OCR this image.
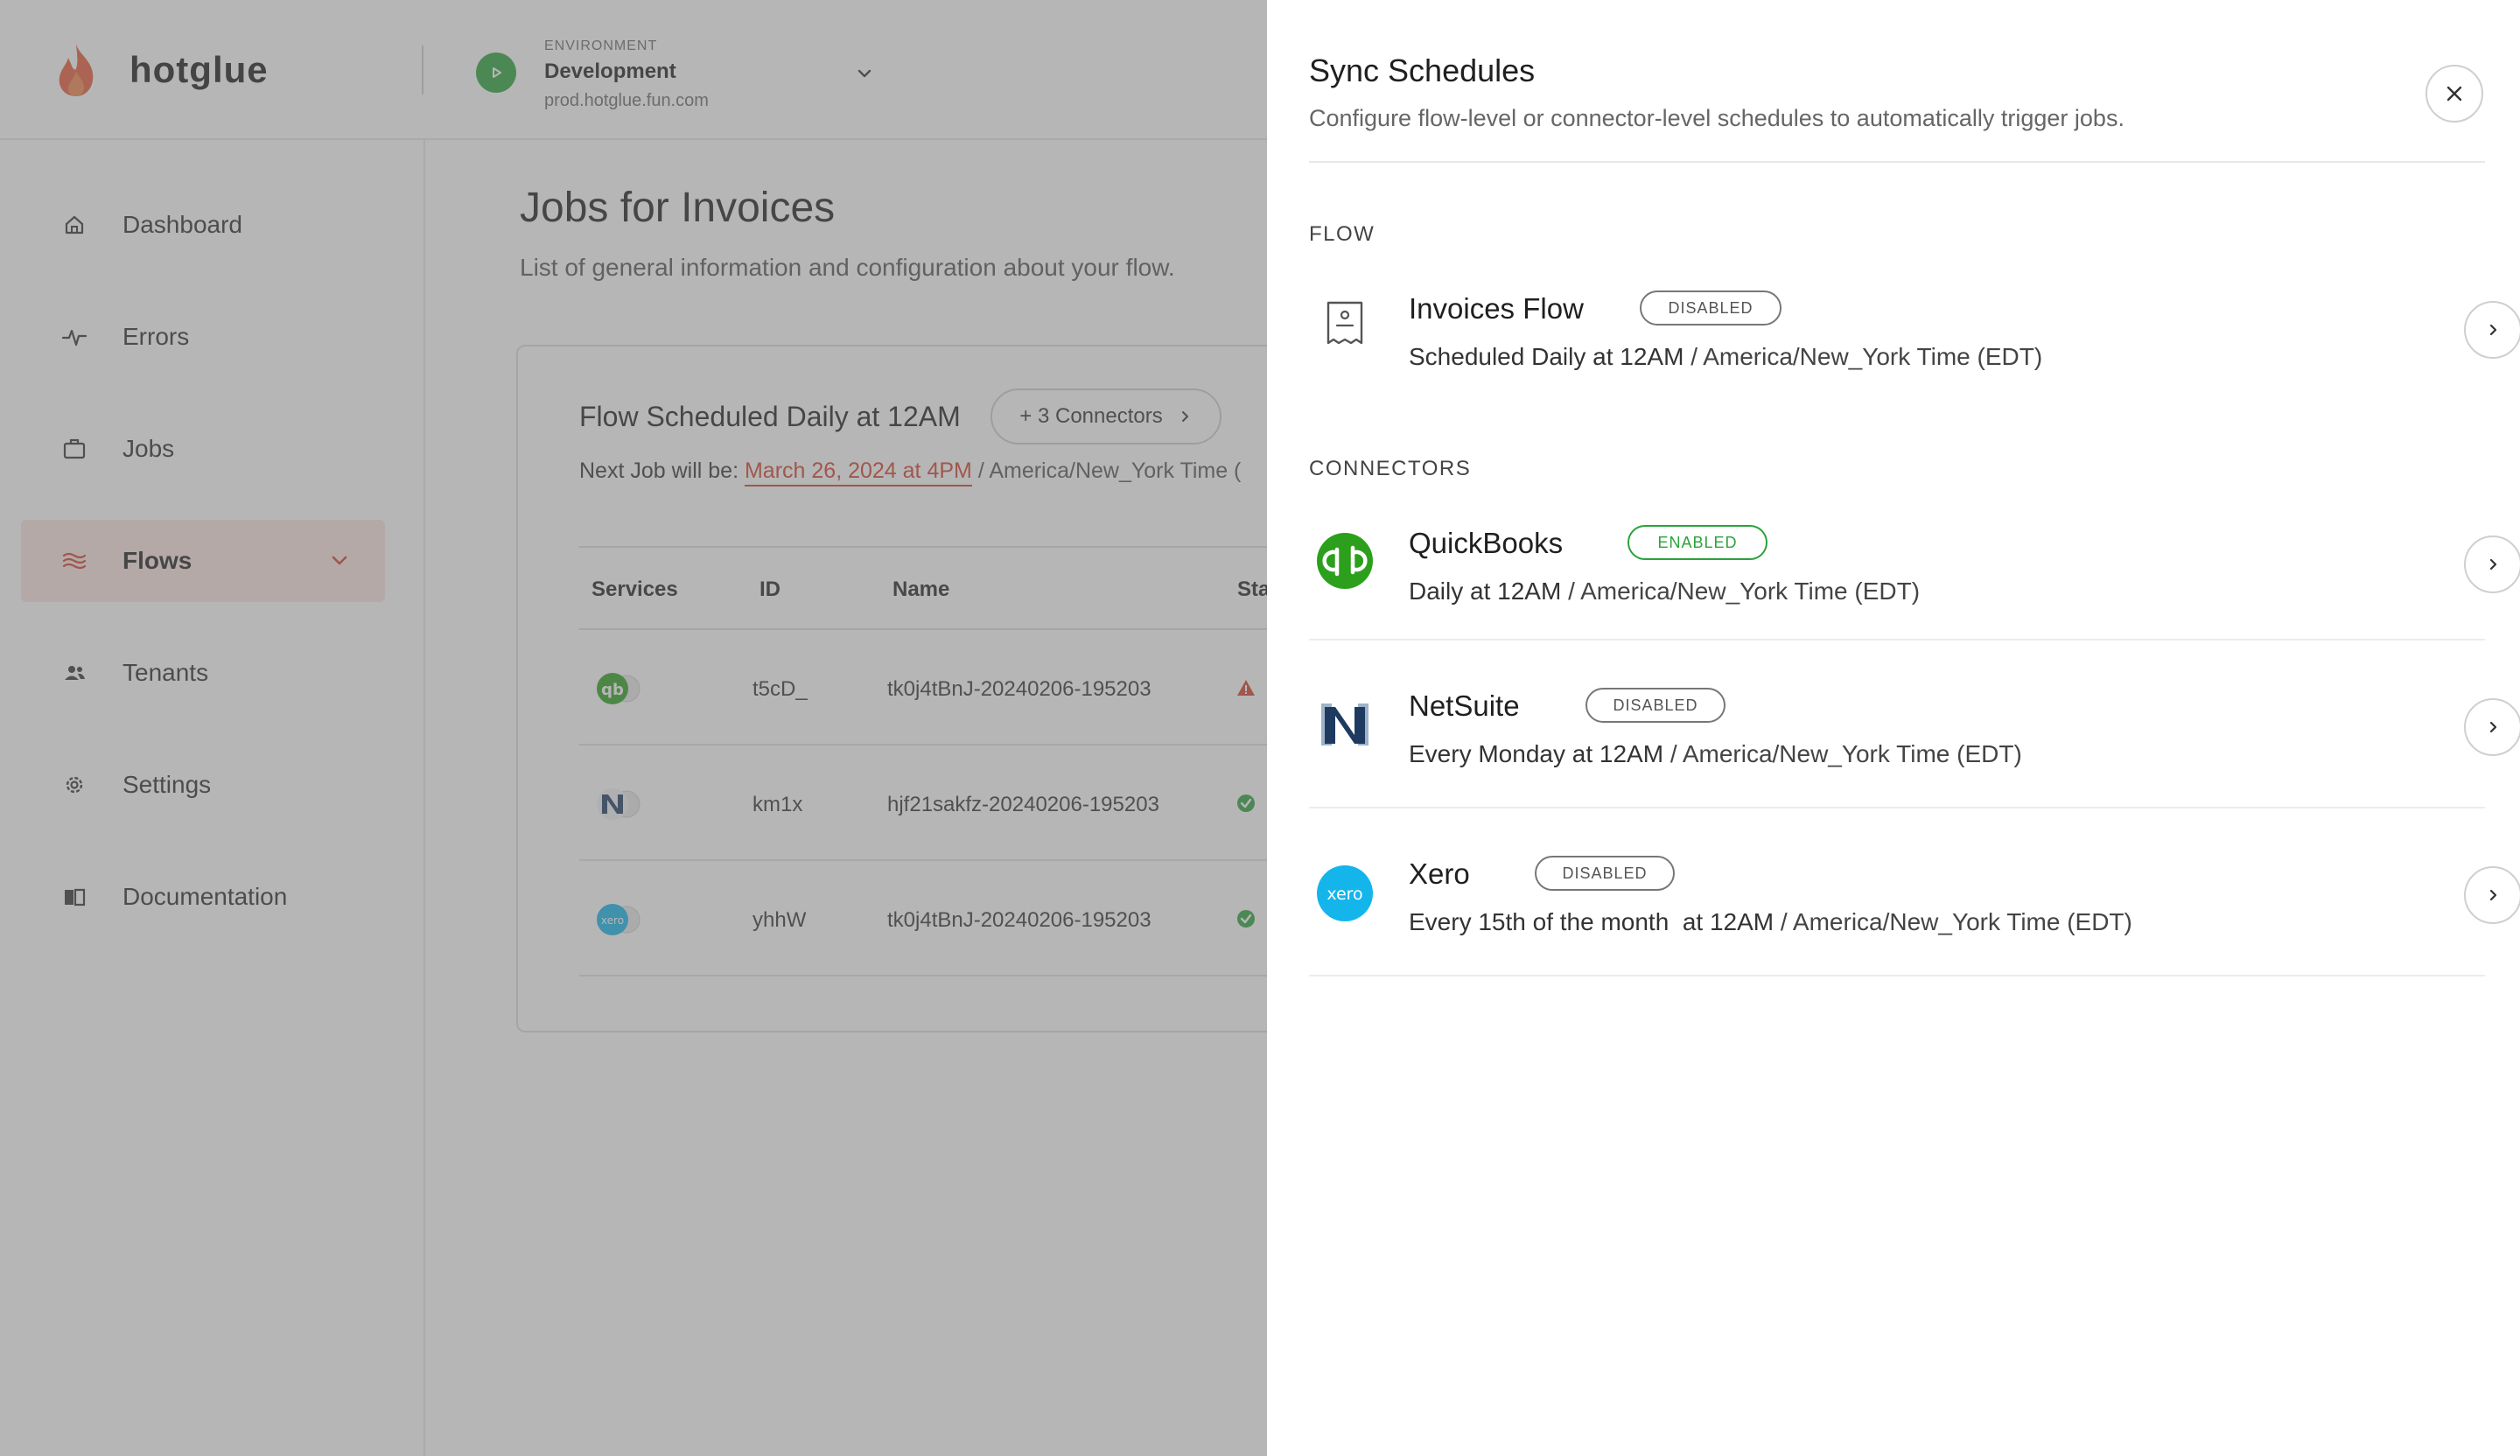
Sync Schedules
Configure flow-level or connector-level schedules to automatically trigger jobs.
FLOW
Invoices Flow	DISABLED
Scheduled Daily at 12AM / America/New_York Time (EDT)
CONNECTORS
QuickBooks	ENABLED
Daily at 12AM / America/New_York Time (EDT)
NetSuite	DISABLED
Every Monday at 12AM / America/New_York Time (EDT)
xero
Xero	DISABLED
Every 15th of the month  at 12AM / America/New_York Time (EDT)
